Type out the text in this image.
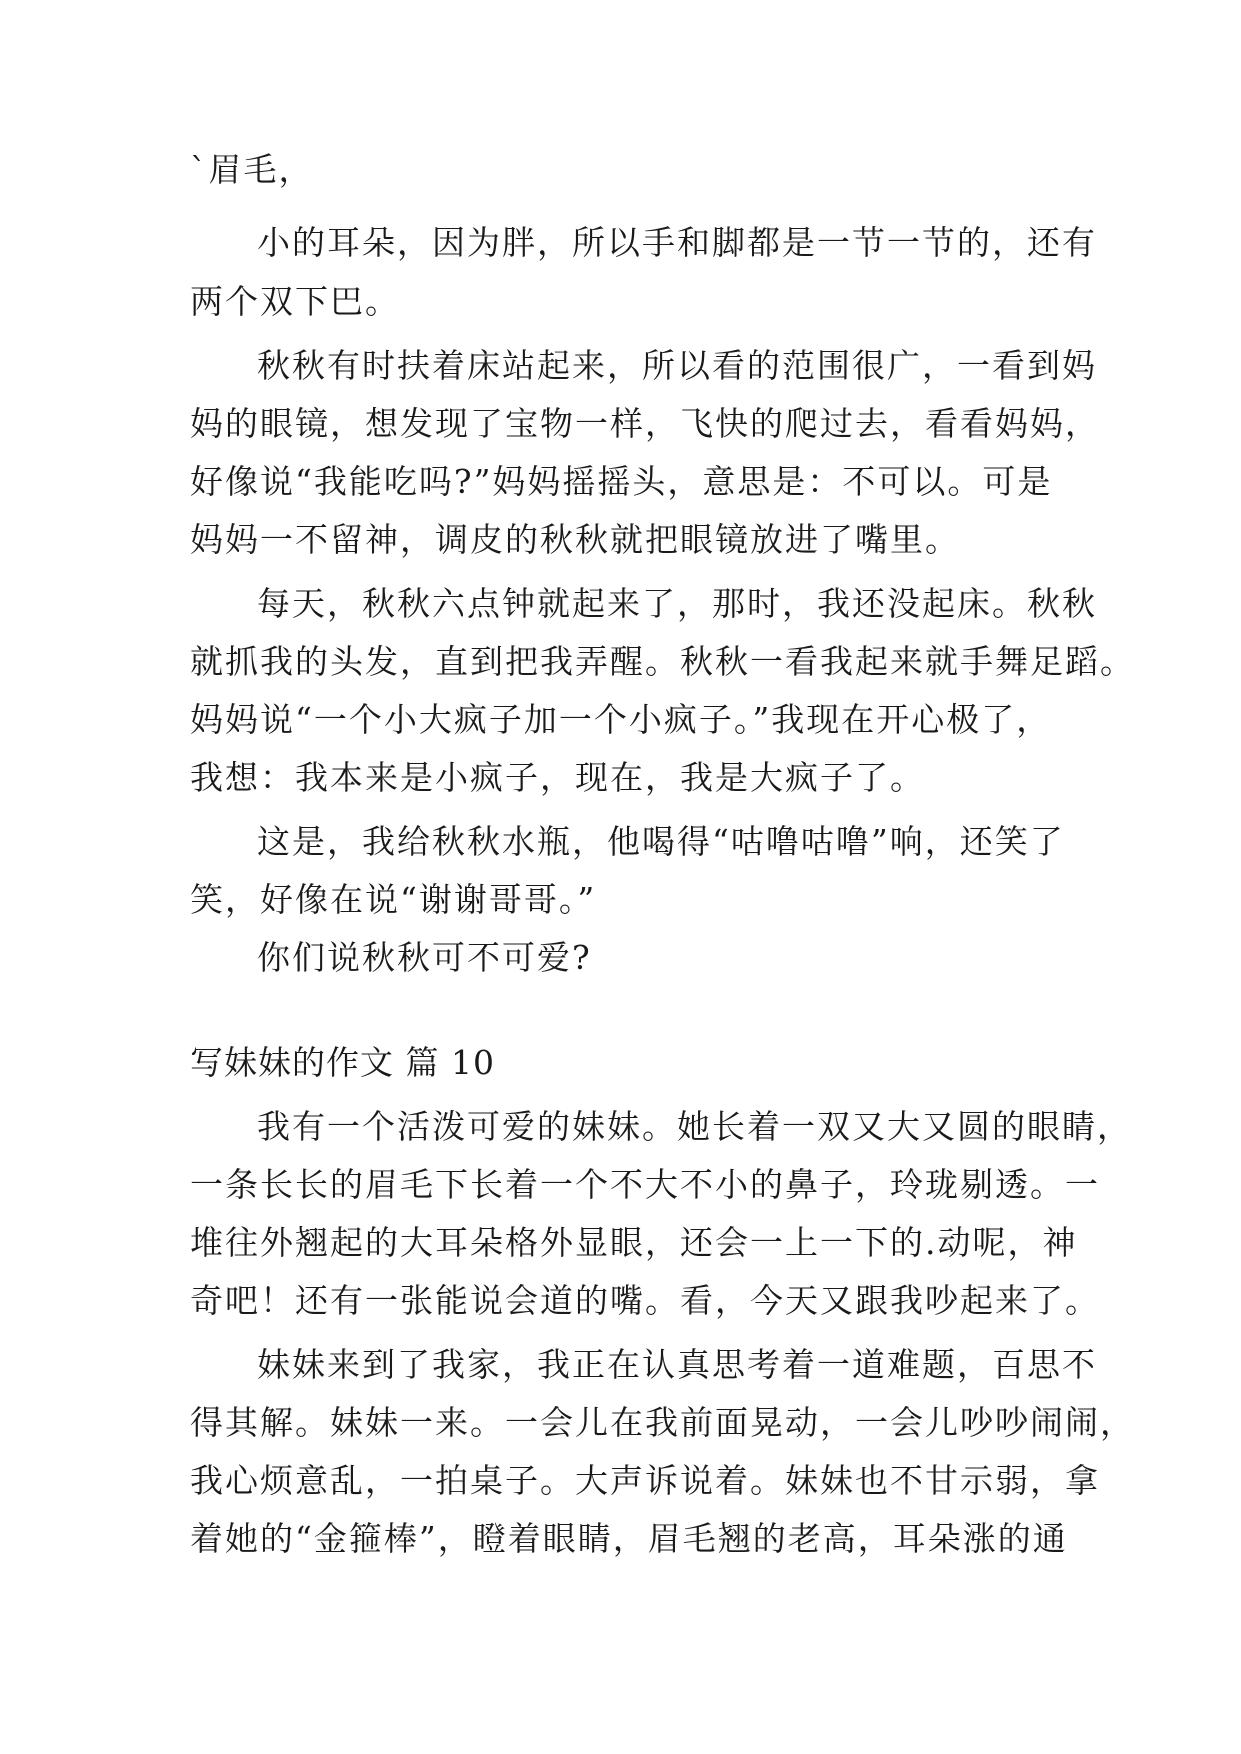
`眉毛，
小的耳朵，因为胖，所以手和脚都是一节一节的，还有
两个双下巴。
秋秋有时扶着床站起来，所以看的范围很广，一看到妈
妈的眼镜，想发现了宝物一样，飞快的爬过去，看看妈妈，
好像说“我能吃吗?”妈妈摇摇头，意思是：不可以。可是
妈妈一不留神，调皮的秋秋就把眼镜放进了嘴里。
每天，秋秋六点钟就起来了，那时，我还没起床。秋秋
就抓我的头发，直到把我弄醒。秋秋一看我起来就手舞足蹈。
妈妈说“一个小大疯子加一个小疯子。”我现在开心极了，
我想：我本来是小疯子，现在，我是大疯子了。
这是，我给秋秋水瓶，他喝得“咕噜咕噜”响，还笑了
笑，好像在说“谢谢哥哥。”
你们说秋秋可不可爱?
写妹妹的作文 篇 10
我有一个活泼可爱的妹妹。她长着一双又大又圆的眼睛，
一条长长的眉毛下长着一个不大不小的鼻子，玲珑剔透。一
堆往外翘起的大耳朵格外显眼，还会一上一下的.动呢，神
奇吧！还有一张能说会道的嘴。看，今天又跟我吵起来了。
妹妹来到了我家，我正在认真思考着一道难题，百思不
得其解。妹妹一来。一会儿在我前面晃动，一会儿吵吵闹闹，
我心烦意乱，一拍桌子。大声诉说着。妹妹也不甘示弱，拿
着她的“金箍棒”，瞪着眼睛，眉毛翘的老高，耳朵涨的通
